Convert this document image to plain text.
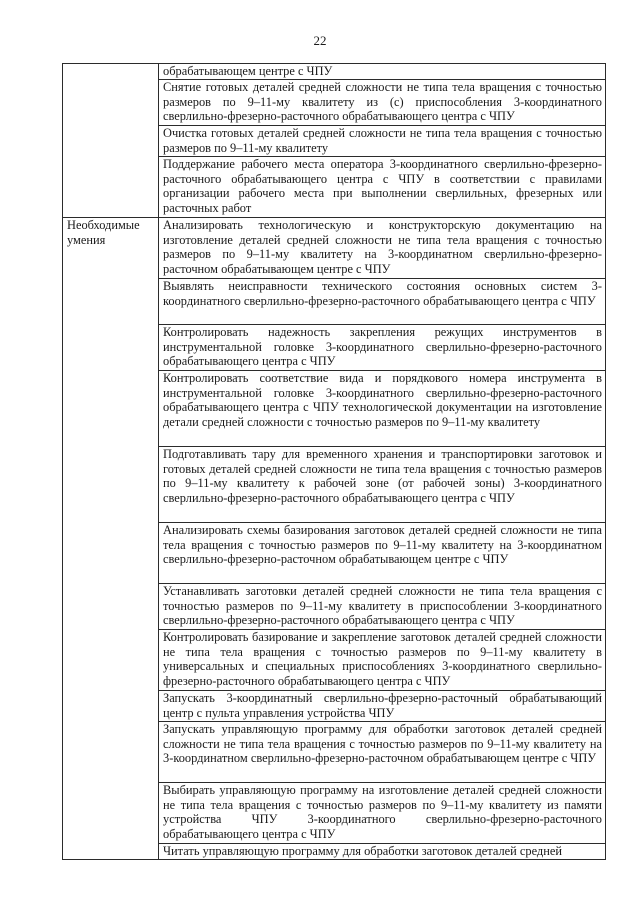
22

	обрабатывающем центре с ЧПУ

	Снятие готовых деталей средней сложности не типа тела вращения с точностью размеров по 9–11-му квалитету из (с) приспособления 3-координатного сверлильно-фрезерно-расточного обрабатывающего центра с ЧПУ

	Очистка готовых деталей средней сложности не типа тела вращения с точностью размеров по 9–11-му квалитету

	Поддержание рабочего места оператора 3-координатного сверлильно-фрезерно-расточного обрабатывающего центра с ЧПУ в соответствии с правилами организации рабочего места при выполнении сверлильных, фрезерных или расточных работ

Необходимые умения	Анализировать технологическую и конструкторскую документацию на изготовление деталей средней сложности не типа тела вращения с точностью размеров по 9–11-му квалитету на 3-координатном сверлильно-фрезерно-расточном обрабатывающем центре с ЧПУ

	Выявлять неисправности технического состояния основных систем 3-координатного сверлильно-фрезерно-расточного обрабатывающего центра с ЧПУ

	Контролировать надежность закрепления режущих инструментов в инструментальной головке 3-координатного сверлильно-фрезерно-расточного обрабатывающего центра с ЧПУ

	Контролировать соответствие вида и порядкового номера инструмента в инструментальной головке 3-координатного сверлильно-фрезерно-расточного обрабатывающего центра с ЧПУ технологической документации на изготовление детали средней сложности с точностью размеров по 9–11-му квалитету

	Подготавливать тару для временного хранения и транспортировки заготовок и готовых деталей средней сложности не типа тела вращения с точностью размеров по 9–11-му квалитету к рабочей зоне (от рабочей зоны) 3-координатного сверлильно-фрезерно-расточного обрабатывающего центра с ЧПУ

	Анализировать схемы базирования заготовок деталей средней сложности не типа тела вращения с точностью размеров по 9–11-му квалитету на 3-координатном сверлильно-фрезерно-расточном обрабатывающем центре с ЧПУ

	Устанавливать заготовки деталей средней сложности не типа тела вращения с точностью размеров по 9–11-му квалитету в приспособлении 3-координатного сверлильно-фрезерно-расточного обрабатывающего центра с ЧПУ

	Контролировать базирование и закрепление заготовок деталей средней сложности не типа тела вращения с точностью размеров по 9–11-му квалитету в универсальных и специальных приспособлениях 3-координатного сверлильно-фрезерно-расточного обрабатывающего центра с ЧПУ

	Запускать 3-координатный сверлильно-фрезерно-расточный обрабатывающий центр с пульта управления устройства ЧПУ

	Запускать управляющую программу для обработки заготовок деталей средней сложности не типа тела вращения с точностью размеров по 9–11-му квалитету на 3-координатном сверлильно-фрезерно-расточном обрабатывающем центре с ЧПУ

	Выбирать управляющую программу на изготовление деталей средней сложности не типа тела вращения с точностью размеров по 9–11-му квалитету из памяти устройства ЧПУ 3-координатного сверлильно-фрезерно-расточного обрабатывающего центра с ЧПУ

	Читать управляющую программу для обработки заготовок деталей средней
